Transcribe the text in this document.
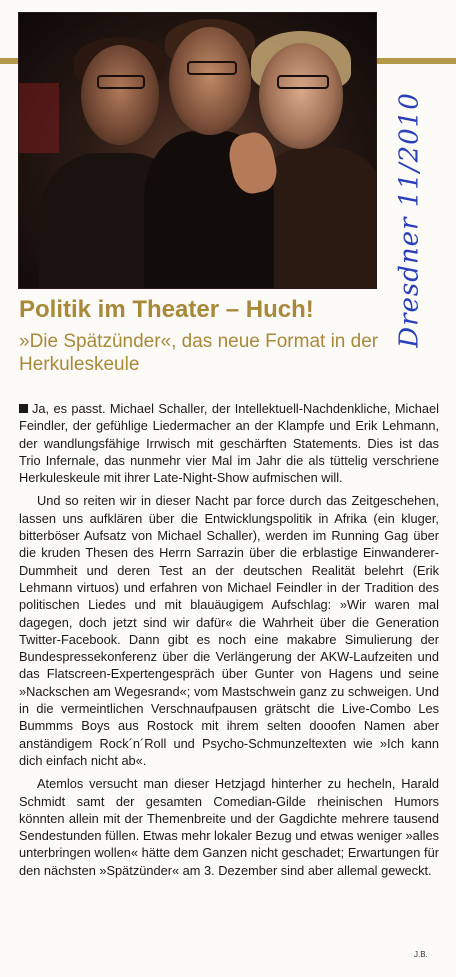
Dresdner 11/2010
Politik im Theater – Huch!
»Die Spätzünder«, das neue Format in der Herkuleskeule

Ja, es passt. Michael Schaller, der Intellektuell-Nachdenkliche, Michael Feindler, der gefühlige Liedermacher an der Klampfe und Erik Lehmann, der wandlungsfähige Irrwisch mit geschärften Statements. Dies ist das Trio Infernale, das nunmehr vier Mal im Jahr die als tüttelig verschriene Herkuleskeule mit ihrer Late-Night-Show aufmischen will.

Und so reiten wir in dieser Nacht par force durch das Zeitgeschehen, lassen uns aufklären über die Entwicklungspolitik in Afrika (ein kluger, bitterböser Aufsatz von Michael Schaller), werden im Running Gag über die kruden Thesen des Herrn Sarrazin über die erblastige Einwanderer-Dummheit und deren Test an der deutschen Realität belehrt (Erik Lehmann virtuos) und erfahren von Michael Feindler in der Tradition des politischen Liedes und mit blauäugigem Aufschlag: »Wir waren mal dagegen, doch jetzt sind wir dafür« die Wahrheit über die Generation Twitter-Facebook. Dann gibt es noch eine makabre Simulierung der Bundespressekonferenz über die Verlängerung der AKW-Laufzeiten und das Flatscreen-Expertengespräch über Gunter von Hagens und seine »Nackschen am Wegesrand«; vom Mastschwein ganz zu schweigen. Und in die vermeintlichen Verschnaufpausen grätscht die Live-Combo Les Bummms Boys aus Rostock mit ihrem selten dooofen Namen aber anständigem Rock´n´Roll und Psycho-Schmunzeltexten wie »Ich kann dich einfach nicht ab«.

Atemlos versucht man dieser Hetzjagd hinterher zu hecheln, Harald Schmidt samt der gesamten Comedian-Gilde rheinischen Humors könnten allein mit der Themenbreite und der Gagdichte mehrere tausend Sendestunden füllen. Etwas mehr lokaler Bezug und etwas weniger »alles unterbringen wollen« hätte dem Ganzen nicht geschadet; Erwartungen für den nächsten »Spätzünder« am 3. Dezember sind aber allemal geweckt.

J.B.
